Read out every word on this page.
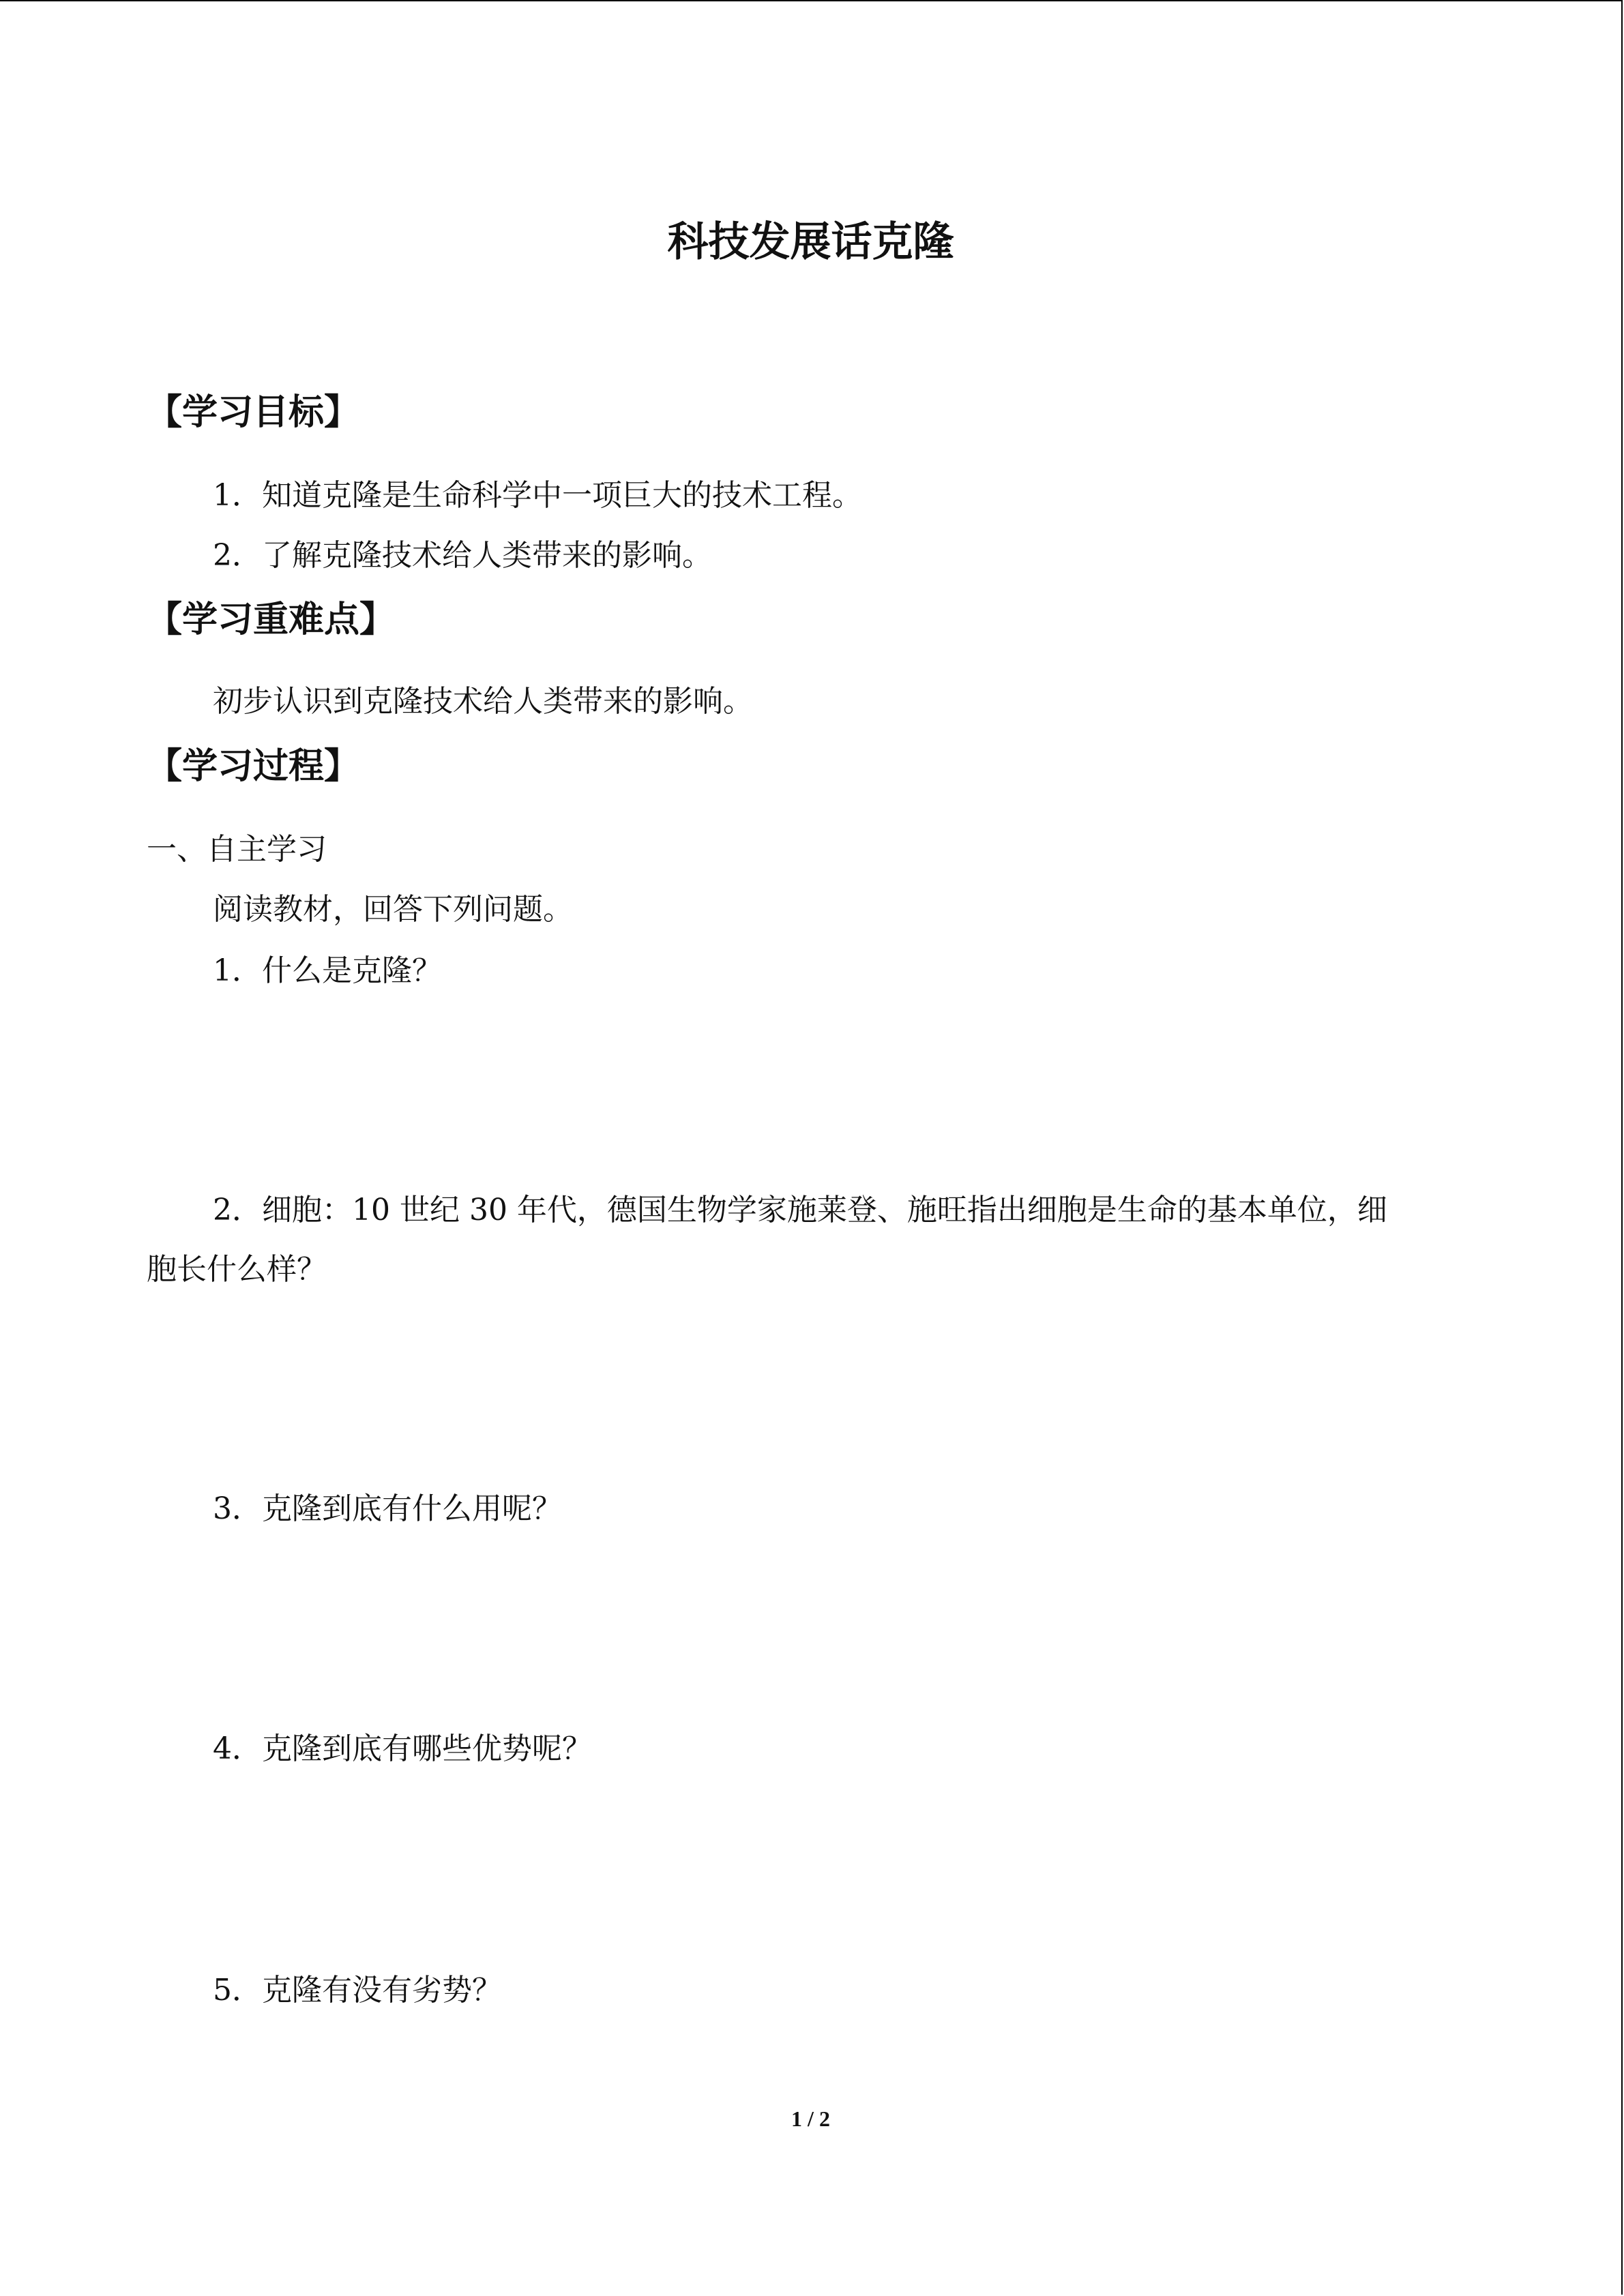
科技发展话克隆
【学习目标】

1．知道克隆是生命科学中一项巨大的技术工程。

2．了解克隆技术给人类带来的影响。

【学习重难点】

初步认识到克隆技术给人类带来的影响。

【学习过程】

一、自主学习

阅读教材，回答下列问题。

1．什么是克隆？

2．细胞：10 世纪 30 年代，德国生物学家施莱登、施旺指出细胞是生命的基本单位，细

胞长什么样？

3．克隆到底有什么用呢？

4．克隆到底有哪些优势呢？

5．克隆有没有劣势？

1 / 2
